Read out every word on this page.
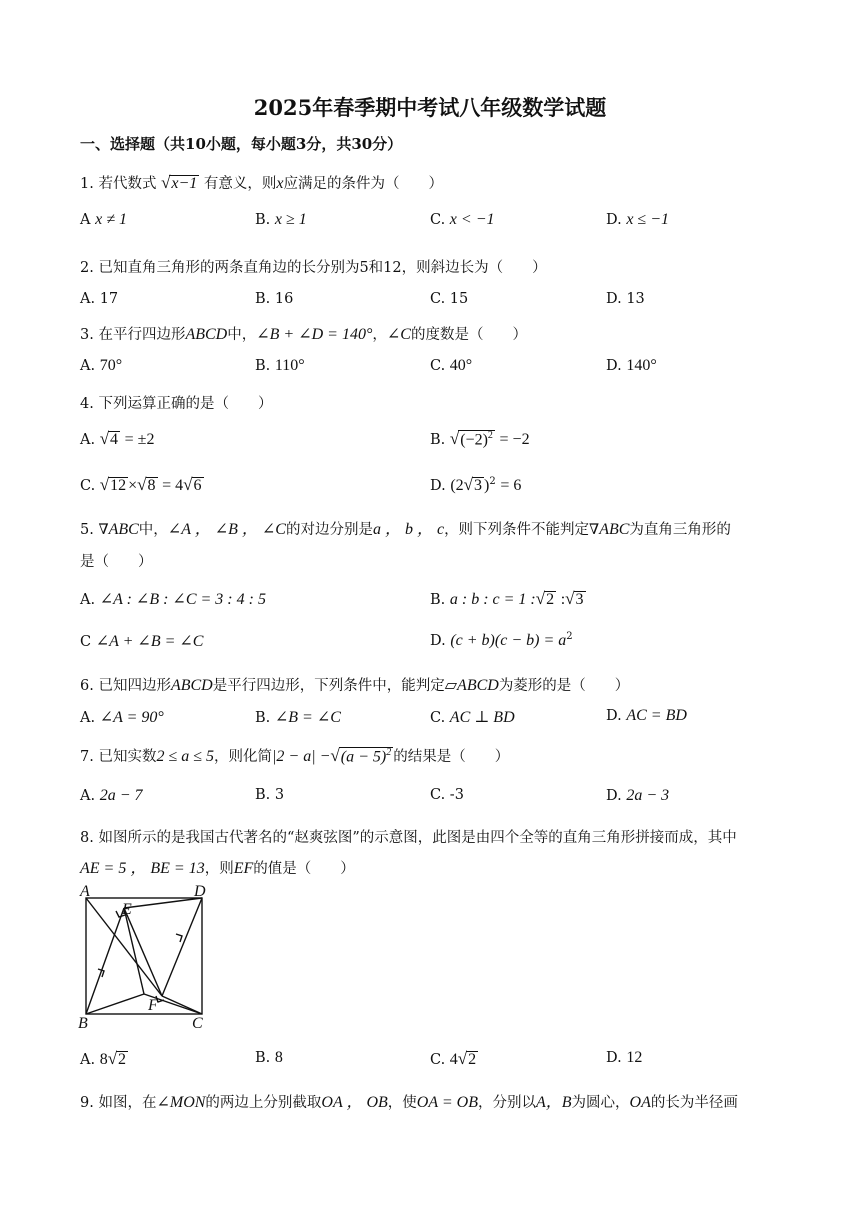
2025年春季期中考试八年级数学试题
一、选择题（共10小题，每小题3分，共30分）
1. 若代数式 √x−1 有意义，则x应满足的条件为（　　）
A x ≠ 1	B. x ≥ 1	C. x < −1	D. x ≤ −1
2. 已知直角三角形的两条直角边的长分别为5和12，则斜边长为（　　）
A. 17	B. 16	C. 15	D. 13
3. 在平行四边形ABCD中，∠B + ∠D = 140°，∠C的度数是（　　）
A. 70°	B. 110°	C. 40°	D. 140°
4. 下列运算正确的是（　　）
A. √4 = ±2	B. $√(-2)^2 = -2$
C. √12 ×√8 = 4√6	D. (2√3 )$^2$ = 6
5. ∇ABC中，∠A ， ∠B ， ∠C的对边分别是a ， b ， c，则下列条件不能判定∇ABC为直角三角形的
是（　　）
A. ∠A : ∠B : ∠C = 3 : 4 : 5	B. a : b : c = 1 :√2 :√3
C ∠A + ∠B = ∠C	D. $(c + b)(c - b) = a^2$
6. 已知四边形ABCD是平行四边形，下列条件中，能判定▱ABCD为菱形的是（　　）
A. ∠A = 90°	B. ∠B = ∠C	C. AC ⊥ BD	D. AC = BD
7. 已知实数2 ≤ a ≤ 5，则化简$|2 - a| -√(a - 5)^2$ 的结果是（　　）
A. 2a − 7	B. 3	C. -3	D. 2a − 3
8. 如图所示的是我国古代著名的“赵爽弦图”的示意图，此图是由四个全等的直角三角形拼接而成，其中
AE = 5 ， BE = 13，则EF的值是（　　）
A	D
E
F
B	C
A. 8√2	B. 8	C. 4√2	D. 12
9. 如图，在∠MON的两边上分别截取OA ， OB，使OA = OB，分别以A，B为圆心，OA的长为半径画
